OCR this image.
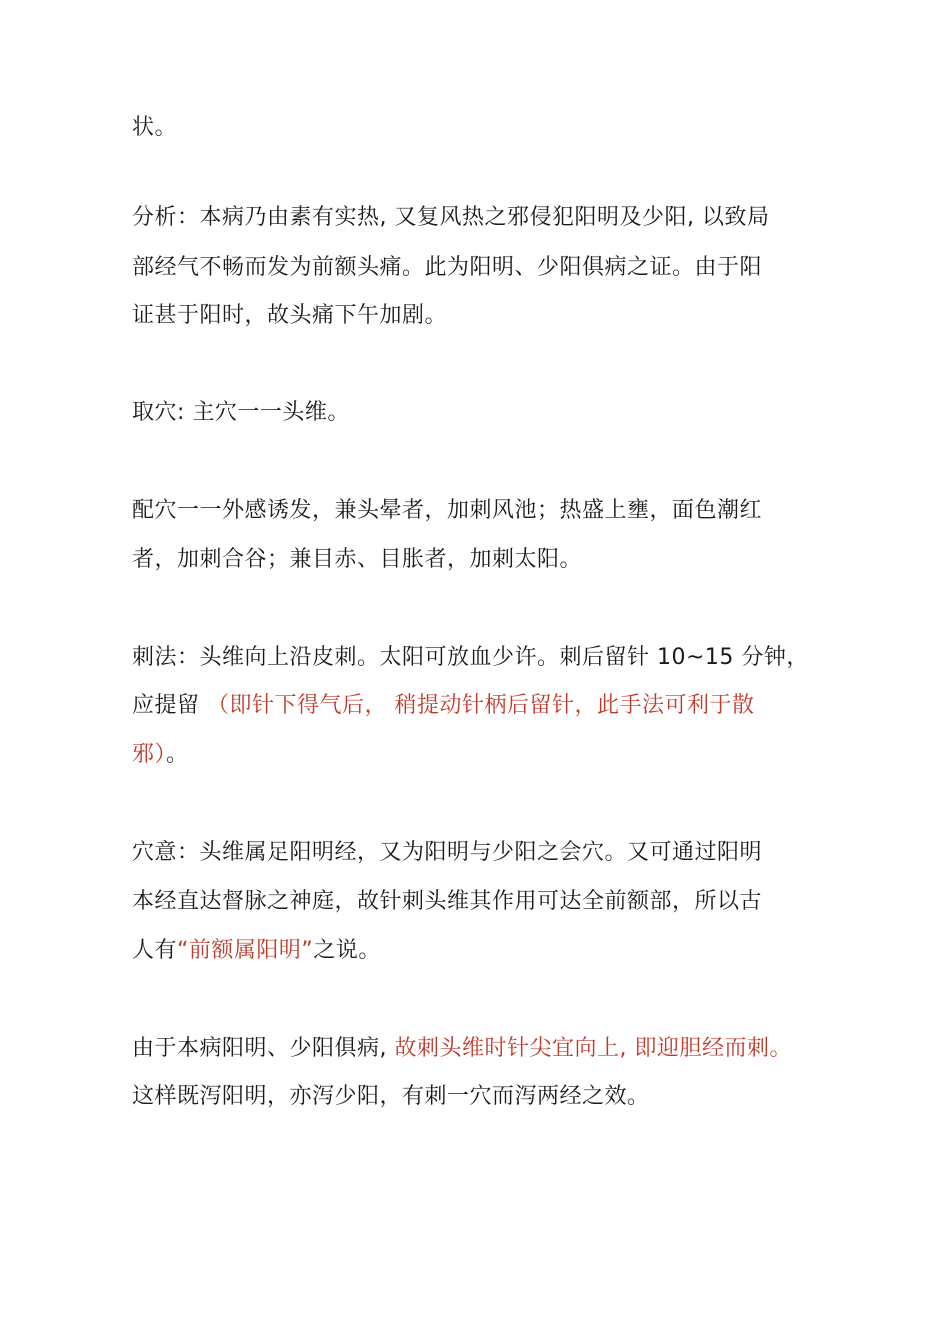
状。
分析：本病乃由素有实热, 又复风热之邪侵犯阳明及少阳, 以致局
部经气不畅而发为前额头痛。此为阳明、少阳俱病之证。由于阳
证甚于阳时，故头痛下午加剧。
取穴: 主穴一一头维。
配穴一一外感诱发，兼头晕者，加刺风池；热盛上壅，面色潮红
者，加刺合谷；兼目赤、目胀者，加刺太阳。
刺法：头维向上沿皮刺。太阳可放血少许。刺后留针 10~15 分钟，
应提留 （即针下得气后， 稍提动针柄后留针，此手法可利于散
邪）。
穴意：头维属足阳明经，又为阳明与少阳之会穴。又可通过阳明
本经直达督脉之神庭，故针刺头维其作用可达全前额部，所以古
人有“前额属阳明”之说。
由于本病阳明、少阳俱病, 故刺头维时针尖宜向上, 即迎胆经而刺。
这样既泻阳明，亦泻少阳，有刺一穴而泻两经之效。
